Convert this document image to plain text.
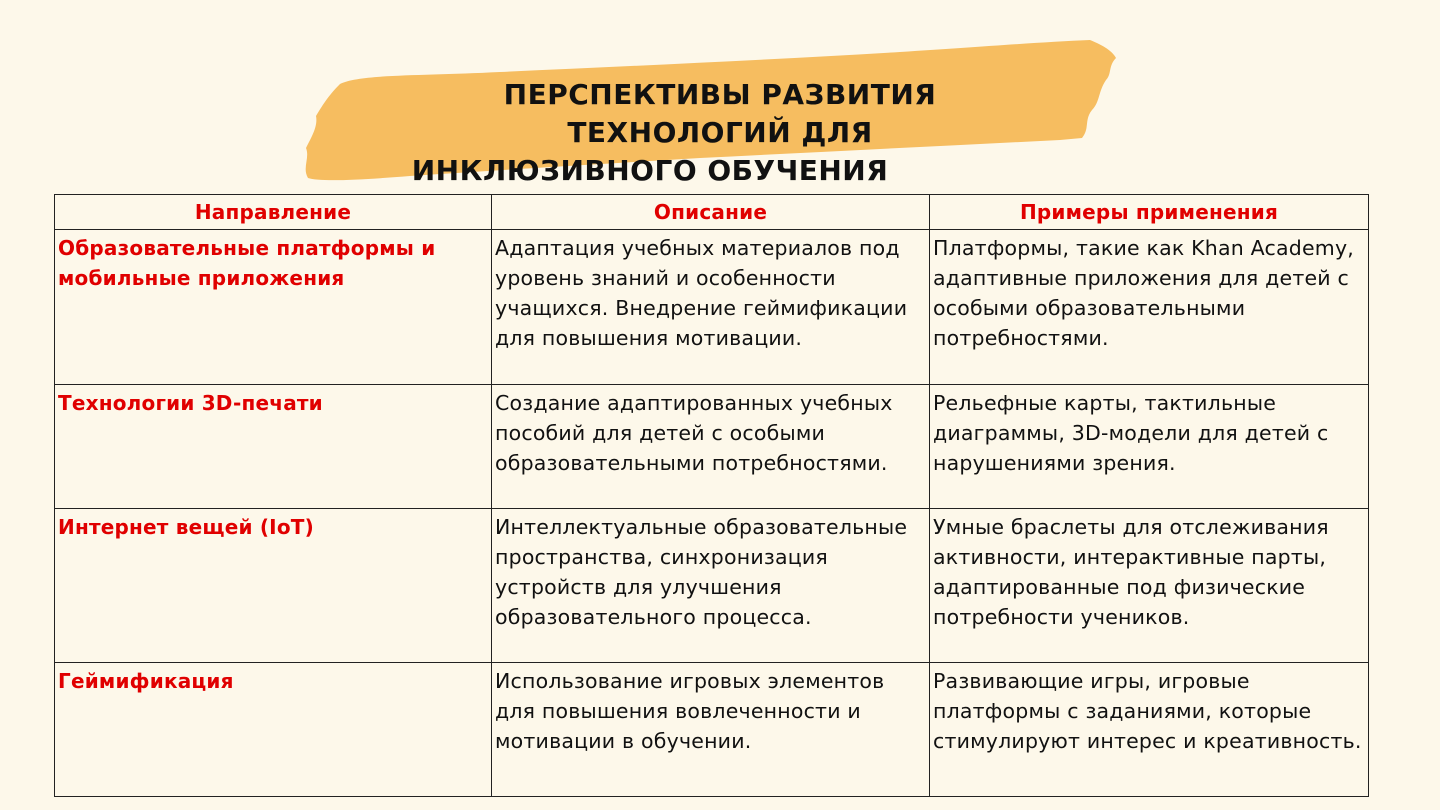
ПЕРСПЕКТИВЫ РАЗВИТИЯ
ТЕХНОЛОГИЙ ДЛЯ
ИНКЛЮЗИВНОГО ОБУЧЕНИЯ
Направление	Описание	Примеры применения
Образовательные платформы и мобильные приложения	Адаптация учебных материалов под уровень знаний и особенности учащихся. Внедрение геймификации для повышения мотивации.	Платформы, такие как Khan Academy, адаптивные приложения для детей с особыми образовательными потребностями.
Технологии 3D-печати	Создание адаптированных учебных пособий для детей с особыми образовательными потребностями.	Рельефные карты, тактильные диаграммы, 3D-модели для детей с нарушениями зрения.
Интернет вещей (IoT)	Интеллектуальные образовательные пространства, синхронизация устройств для улучшения образовательного процесса.	Умные браслеты для отслеживания активности, интерактивные парты, адаптированные под физические потребности учеников.
Геймификация	Использование игровых элементов для повышения вовлеченности и мотивации в обучении.	Развивающие игры, игровые платформы с заданиями, которые стимулируют интерес и креативность.
